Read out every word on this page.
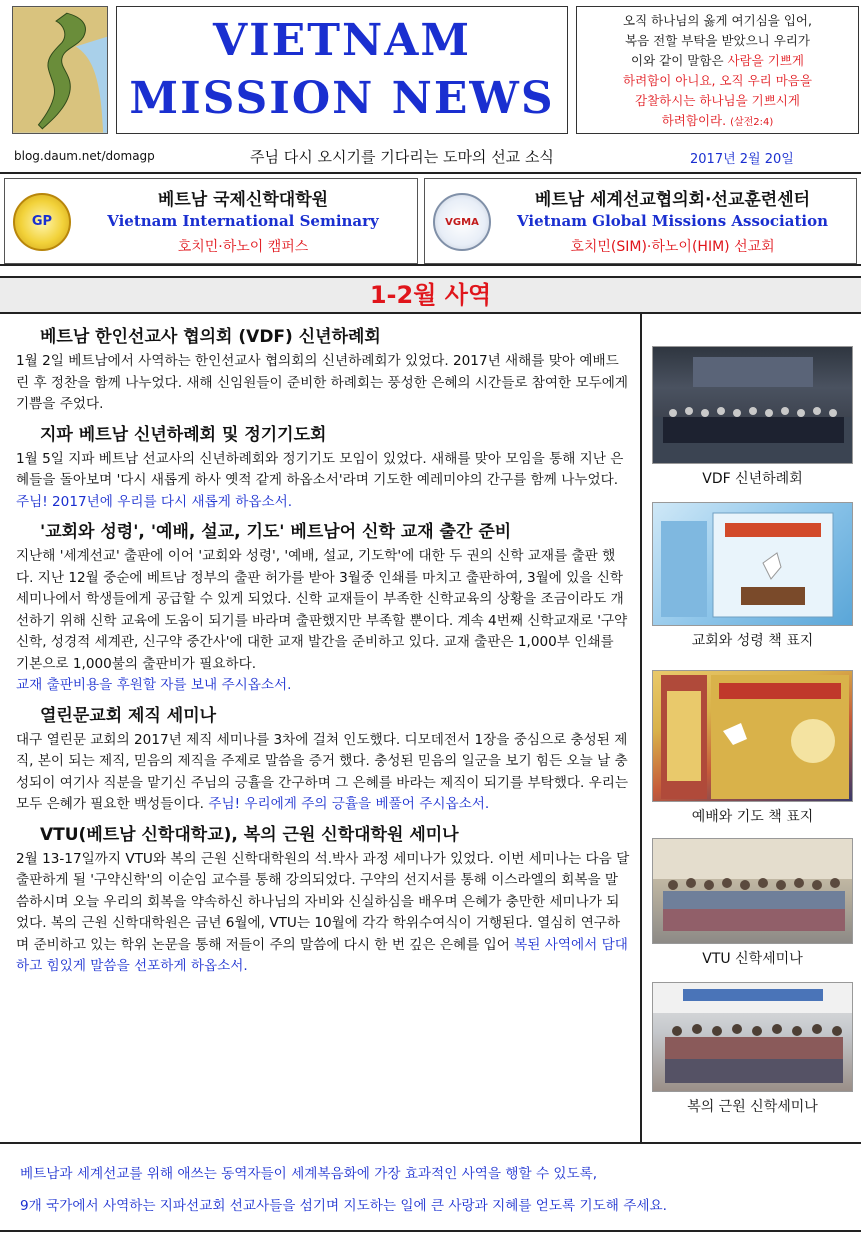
VIETNAM
MISSION NEWS
오직 하나님의 옳게 여기심을 입어,
복음 전할 부탁을 받았으니 우리가
이와 같이 말함은 사람을 기쁘게
하려함이 아니요, 오직 우리 마음을
감찰하시는 하나님을 기쁘시게
하려함이라. (살전2:4)
blog.daum.net/domagp	주님 다시 오시기를 기다리는 도마의 선교 소식	2017년 2월 20일
GP
베트남 국제신학대학원
Vietnam International Seminary
호치민·하노이 캠퍼스
VGMA
베트남 세계선교협의회·선교훈련센터
Vietnam Global Missions Association
호치민(SIM)·하노이(HIM) 선교회
1-2월 사역
베트남 한인선교사 협의회 (VDF) 신년하례회

1월 2일 베트남에서 사역하는 한인선교사 협의회의 신년하례회가 있었다. 2017년 새해를 맞아 예배드린 후 정찬을 함께 나누었다. 새해 신임원들이 준비한 하례회는 풍성한 은혜의 시간들로 참여한 모두에게 기쁨을 주었다.

지파 베트남 신년하례회 및 정기기도회

1월 5일 지파 베트남 선교사의 신년하례회와 정기기도 모임이 있었다. 새해를 맞아 모임을 통해 지난 은혜들을 돌아보며 '다시 새롭게 하사 옛적 같게 하옵소서'라며 기도한 예레미야의 간구를 함께 나누었다.
주님! 2017년에 우리를 다시 새롭게 하옵소서.

'교회와 성령', '예배, 설교, 기도' 베트남어 신학 교재 출간 준비

지난해 '세계선교' 출판에 이어 '교회와 성령', '예배, 설교, 기도학'에 대한 두 권의 신학 교재를 출판 했다. 지난 12월 중순에 베트남 정부의 출판 허가를 받아 3월중 인쇄를 마치고 출판하여, 3월에 있을 신학 세미나에서 학생들에게 공급할 수 있게 되었다. 신학 교재들이 부족한 신학교육의 상황을 조금이라도 개선하기 위해 신학 교육에 도움이 되기를 바라며 출판했지만 부족할 뿐이다. 계속 4번째 신학교재로 '구약신학, 성경적 세계관, 신구약 중간사'에 대한 교재 발간을 준비하고 있다. 교재 출판은 1,000부 인쇄를 기본으로 1,000불의 출판비가 필요하다.
교재 출판비용을 후원할 자를 보내 주시옵소서.

열린문교회 제직 세미나

대구 열린문 교회의 2017년 제직 세미나를 3차에 걸쳐 인도했다. 디모데전서 1장을 중심으로 충성된 제직, 본이 되는 제직, 믿음의 제직을 주제로 말씀을 증거 했다. 충성된 믿음의 일군을 보기 힘든 오늘 날 충성되이 여기사 직분을 맡기신 주님의 긍휼을 간구하며 그 은혜를 바라는 제직이 되기를 부탁했다. 우리는 모두 은혜가 필요한 백성들이다. 주님! 우리에게 주의 긍휼을 베풀어 주시옵소서.

VTU(베트남 신학대학교), 복의 근원 신학대학원 세미나

2월 13-17일까지 VTU와 복의 근원 신학대학원의 석.박사 과정 세미나가 있었다. 이번 세미나는 다음 달 출판하게 될 '구약신학'의 이순임 교수를 통해 강의되었다. 구약의 선지서를 통해 이스라엘의 회복을 말씀하시며 오늘 우리의 회복을 약속하신 하나님의 자비와 신실하심을 배우며 은혜가 충만한 세미나가 되었다. 복의 근원 신학대학원은 금년 6월에, VTU는 10월에 각각 학위수여식이 거행된다. 열심히 연구하며 준비하고 있는 학위 논문을 통해 저들이 주의 말씀에 다시 한 번 깊은 은혜를 입어 복된 사역에서 담대하고 힘있게 말씀을 선포하게 하옵소서.

VDF 신년하례회
교회와 성령 책 표지
예배와 기도 책 표지
VTU 신학세미나
복의 근원 신학세미나

베트남과 세계선교를 위해 애쓰는 동역자들이 세계복음화에 가장 효과적인 사역을 행할 수 있도록,

9개 국가에서 사역하는 지파선교회 선교사들을 섬기며 지도하는 일에 큰 사랑과 지혜를 얻도록 기도해 주세요.
